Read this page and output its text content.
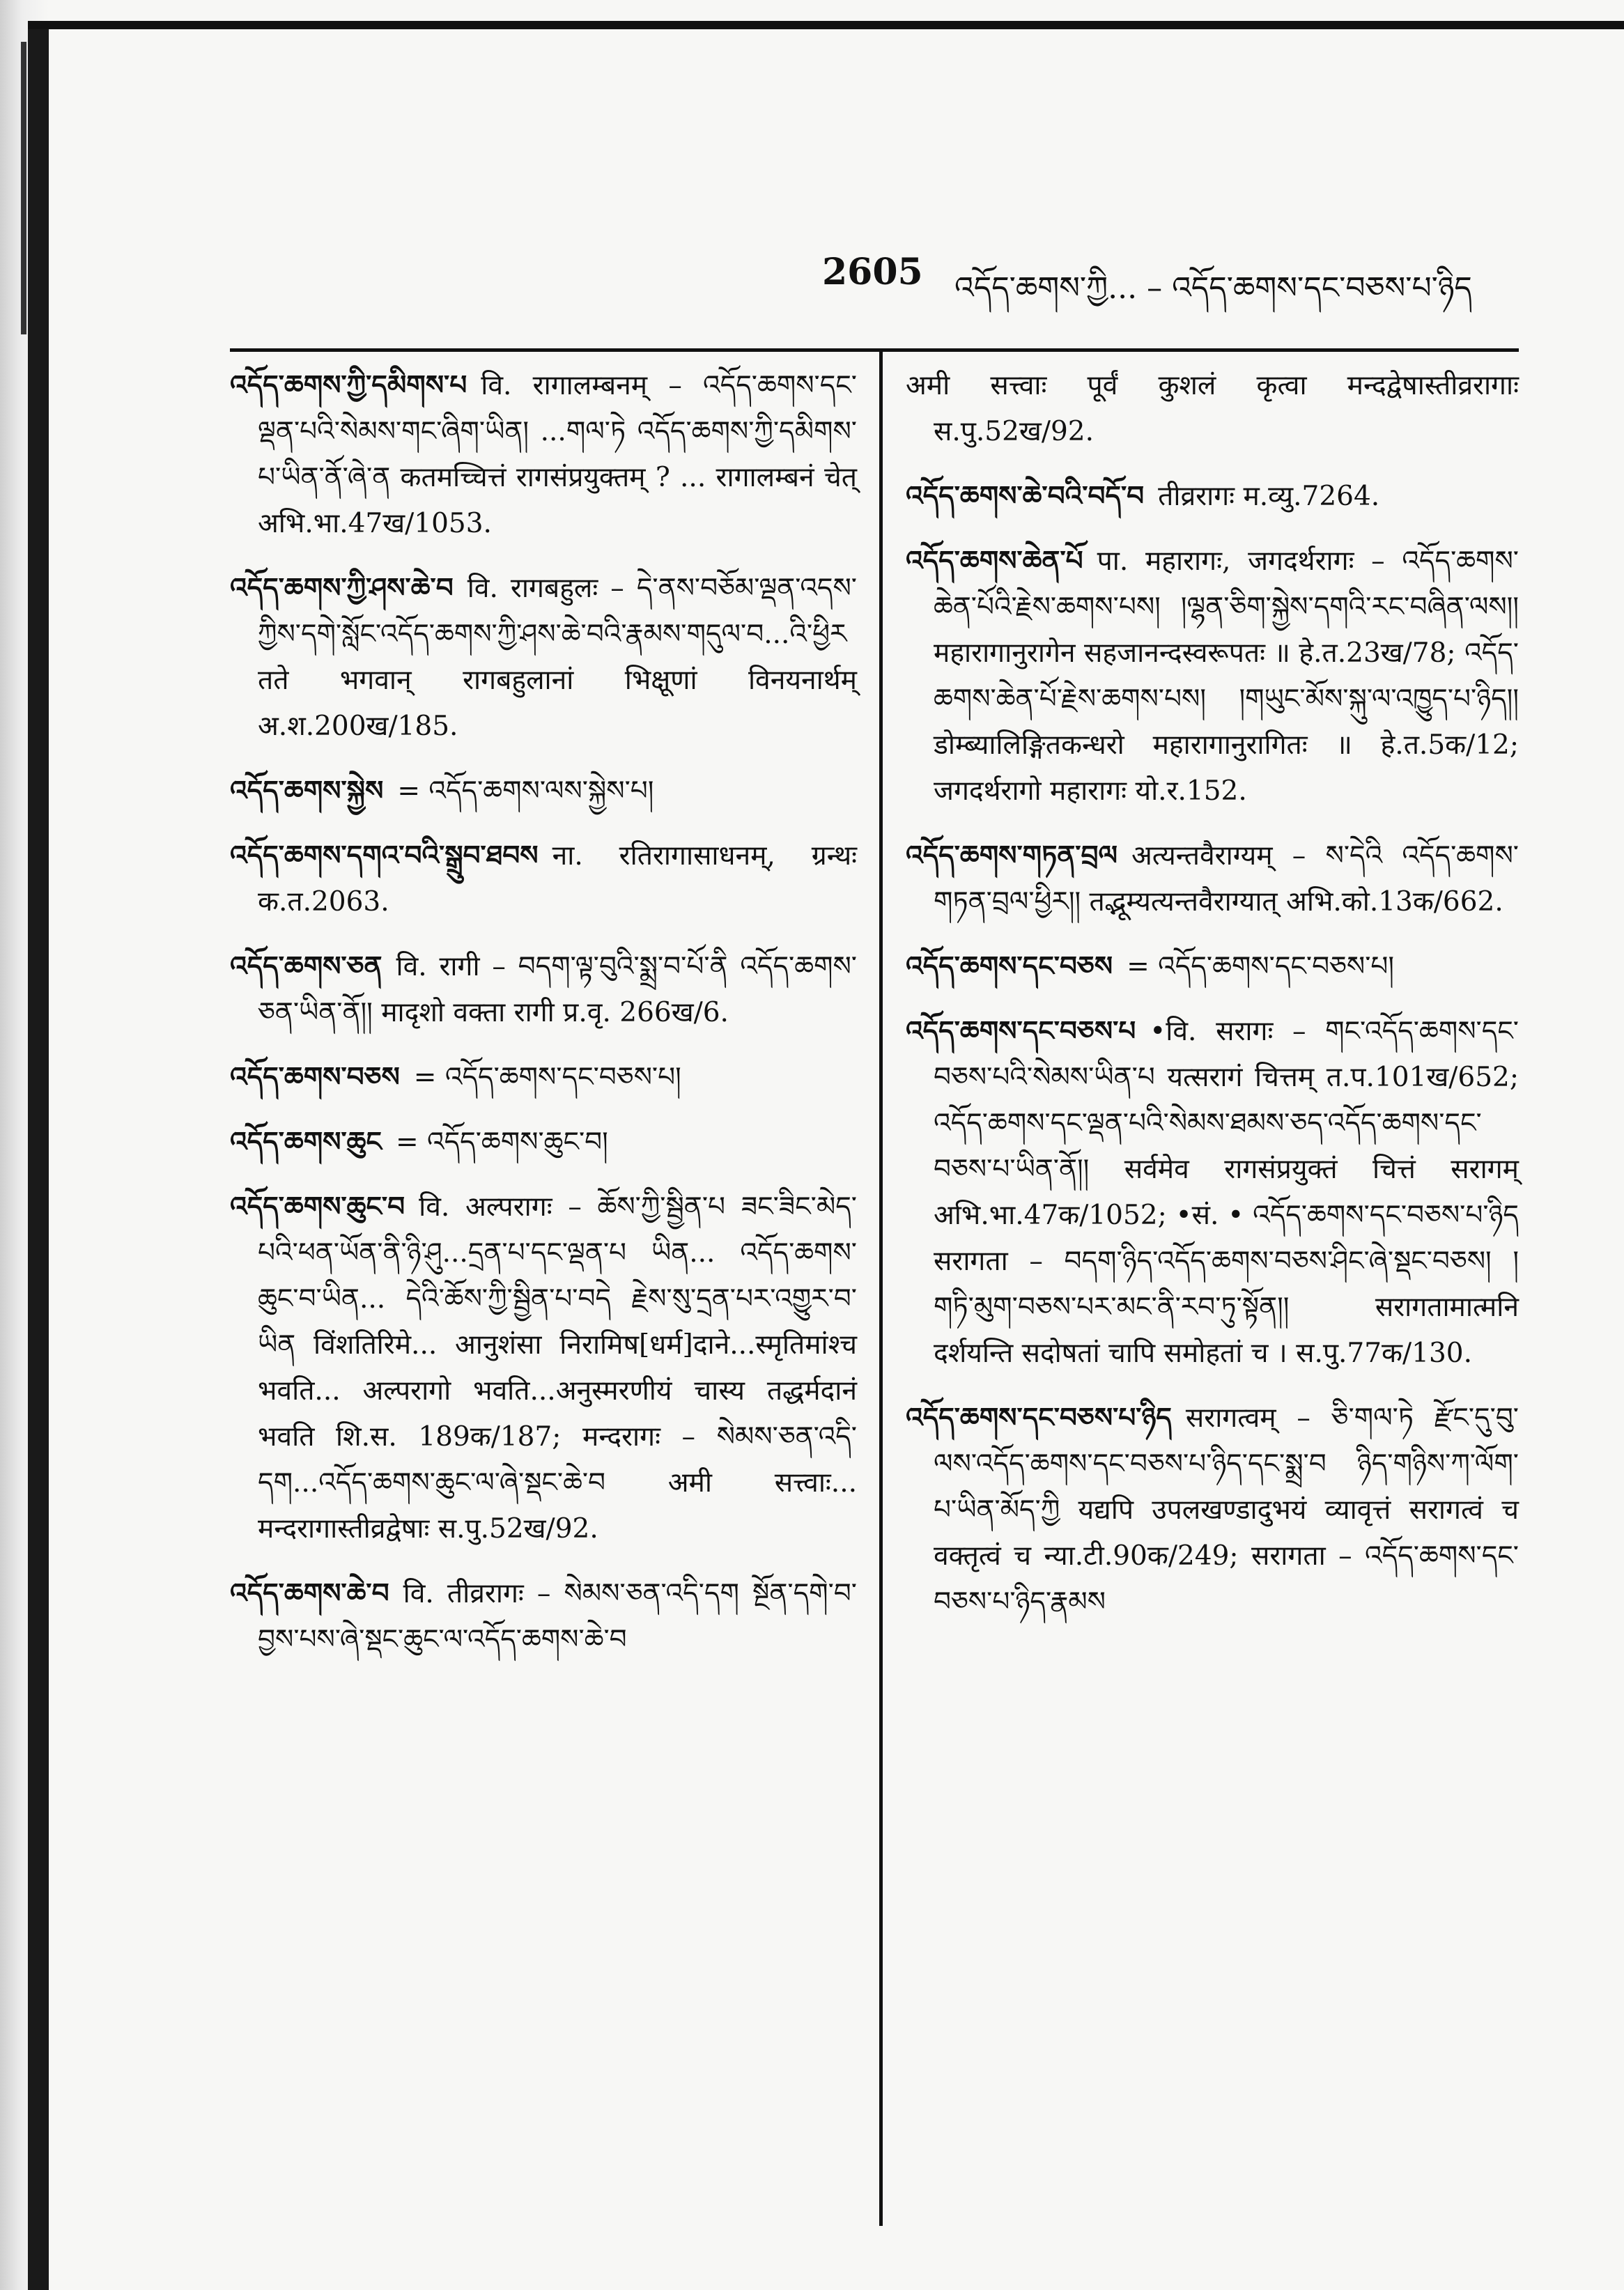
2605 འདོད་ཆགས་ཀྱི... – འདོད་ཆགས་དང་བཅས་པ་ཉིད

འདོད་ཆགས་ཀྱི་དམིགས་པ वि. रागालम्बनम् – འདོད་ཆགས་དང་ལྡན་པའི་སེམས་གང་ཞིག་ཡིན། ...གལ་ཏེ འདོད་ཆགས་ཀྱི་དམིགས་པ་ཡིན་ནོ་ཞེ་ན कतमच्चित्तं रागसंप्रयुक्तम् ? ... रागालम्बनं चेत् अभि.भा.47ख/1053.

འདོད་ཆགས་ཀྱི་ཤས་ཆེ་བ वि. रागबहुलः – དེ་ནས་བཅོམ་ལྡན་འདས་ཀྱིས་དགེ་སློང་འདོད་ཆགས་ཀྱི་ཤས་ཆེ་བའི་རྣམས་གདུལ་བ...འི་ཕྱིར तते भगवान् रागबहुलानां भिक्षूणां विनयनार्थम् अ.श.200ख/185.

འདོད་ཆགས་སྐྱེས = འདོད་ཆགས་ལས་སྐྱེས་པ།

འདོད་ཆགས་དགའ་བའི་སྒྲུབ་ཐབས ना. रतिरागासाधनम्, ग्रन्थः क.त.2063.

འདོད་ཆགས་ཅན वि. रागी – བདག་ལྟ་བུའི་སྨྲ་བ་པོ་ནི འདོད་ཆགས་ཅན་ཡིན་ནོ།། मादृशो वक्ता रागी प्र.वृ. 266ख/6.

འདོད་ཆགས་བཅས = འདོད་ཆགས་དང་བཅས་པ།

འདོད་ཆགས་ཆུང = འདོད་ཆགས་ཆུང་བ།

འདོད་ཆགས་ཆུང་བ वि. अल्परागः – ཆོས་ཀྱི་སྦྱིན་པ ཟང་ཟིང་མེད་པའི་ཕན་ཡོན་ནི་ཉི་ཤུ...དྲན་པ་དང་ལྡན་པ ཡིན... འདོད་ཆགས་ཆུང་བ་ཡིན... དེའི་ཆོས་ཀྱི་སྦྱིན་པ་བདེ རྗེས་སུ་དྲན་པར་འགྱུར་བ་ཡིན विंशतिरिमे... आनुशंसा निरामिष[धर्म]दाने...स्मृतिमांश्च भवति... अल्परागो भवति...अनुस्मरणीयं चास्य तद्धर्मदानं भवति शि.स. 189क/187; मन्दरागः – སེམས་ཅན་འདི་དག...འདོད་ཆགས་ཆུང་ལ་ཞེ་སྡང་ཆེ་བ अमी सत्त्वाः... मन्दरागास्तीव्रद्वेषाः स.पु.52ख/92.

འདོད་ཆགས་ཆེ་བ वि. तीव्ररागः – སེམས་ཅན་འདི་དག སྔོན་དགེ་བ་བྱས་པས་ཞེ་སྡང་ཆུང་ལ་འདོད་ཆགས་ཆེ་བ

अमी सत्त्वाः पूर्वं कुशलं कृत्वा मन्दद्वेषास्तीव्ररागाः स.पु.52ख/92.

འདོད་ཆགས་ཆེ་བའི་བདོ་བ तीव्ररागः म.व्यु.7264.

འདོད་ཆགས་ཆེན་པོ पा. महारागः, जगदर्थरागः – འདོད་ཆགས་ཆེན་པོའི་རྗེས་ཆགས་པས། །ལྷན་ཅིག་སྐྱེས་དགའི་རང་བཞིན་ལས།། महारागानुरागेन सहजानन्दस्वरूपतः ॥ हे.त.23ख/78; འདོད་ཆགས་ཆེན་པོ་རྗེས་ཆགས་པས། །གཡུང་མོས་སྐུ་ལ་འཁྱུད་པ་ཉིད།། डोम्ब्यालिङ्गितकन्धरो महारागानुरागितः ॥ हे.त.5क/12; जगदर्थरागो महारागः यो.र.152.

འདོད་ཆགས་གཏན་བྲལ अत्यन्तवैराग्यम् – ས་དེའི འདོད་ཆགས་གཏན་བྲལ་ཕྱིར།། तद्भूम्यत्यन्तवैराग्यात् अभि.को.13क/662.

འདོད་ཆགས་དང་བཅས = འདོད་ཆགས་དང་བཅས་པ།

འདོད་ཆགས་དང་བཅས་པ •वि. सरागः – གང་འདོད་ཆགས་དང་བཅས་པའི་སེམས་ཡིན་པ यत्सरागं चित्तम् त.प.101ख/652; འདོད་ཆགས་དང་ལྡན་པའི་སེམས་ཐམས་ཅད་འདོད་ཆགས་དང་བཅས་པ་ཡིན་ནོ།། सर्वमेव रागसंप्रयुक्तं चित्तं सरागम् अभि.भा.47क/1052; •सं. • འདོད་ཆགས་དང་བཅས་པ་ཉིད सरागता – བདག་ཉིད་འདོད་ཆགས་བཅས་ཤིང་ཞེ་སྡང་བཅས། །གཏི་མུག་བཅས་པར་མང་ནི་རབ་ཏུ་སྟོན།། सरागतामात्मनि दर्शयन्ति सदोषतां चापि समोहतां च । स.पु.77क/130.

འདོད་ཆགས་དང་བཅས་པ་ཉིད सरागत्वम् – ཅི་གལ་ཏེ རྫོང་དུ་བུ་ལས་འདོད་ཆགས་དང་བཅས་པ་ཉིད་དང་སྨྲ་བ ཉིད་གཉིས་ཀ་ལོག་པ་ཡིན་མོད་ཀྱི यद्यपि उपलखण्डादुभयं व्यावृत्तं सरागत्वं च वक्तृत्वं च न्या.टी.90क/249; सरागता – འདོད་ཆགས་དང་བཅས་པ་ཉིད་རྣམས
